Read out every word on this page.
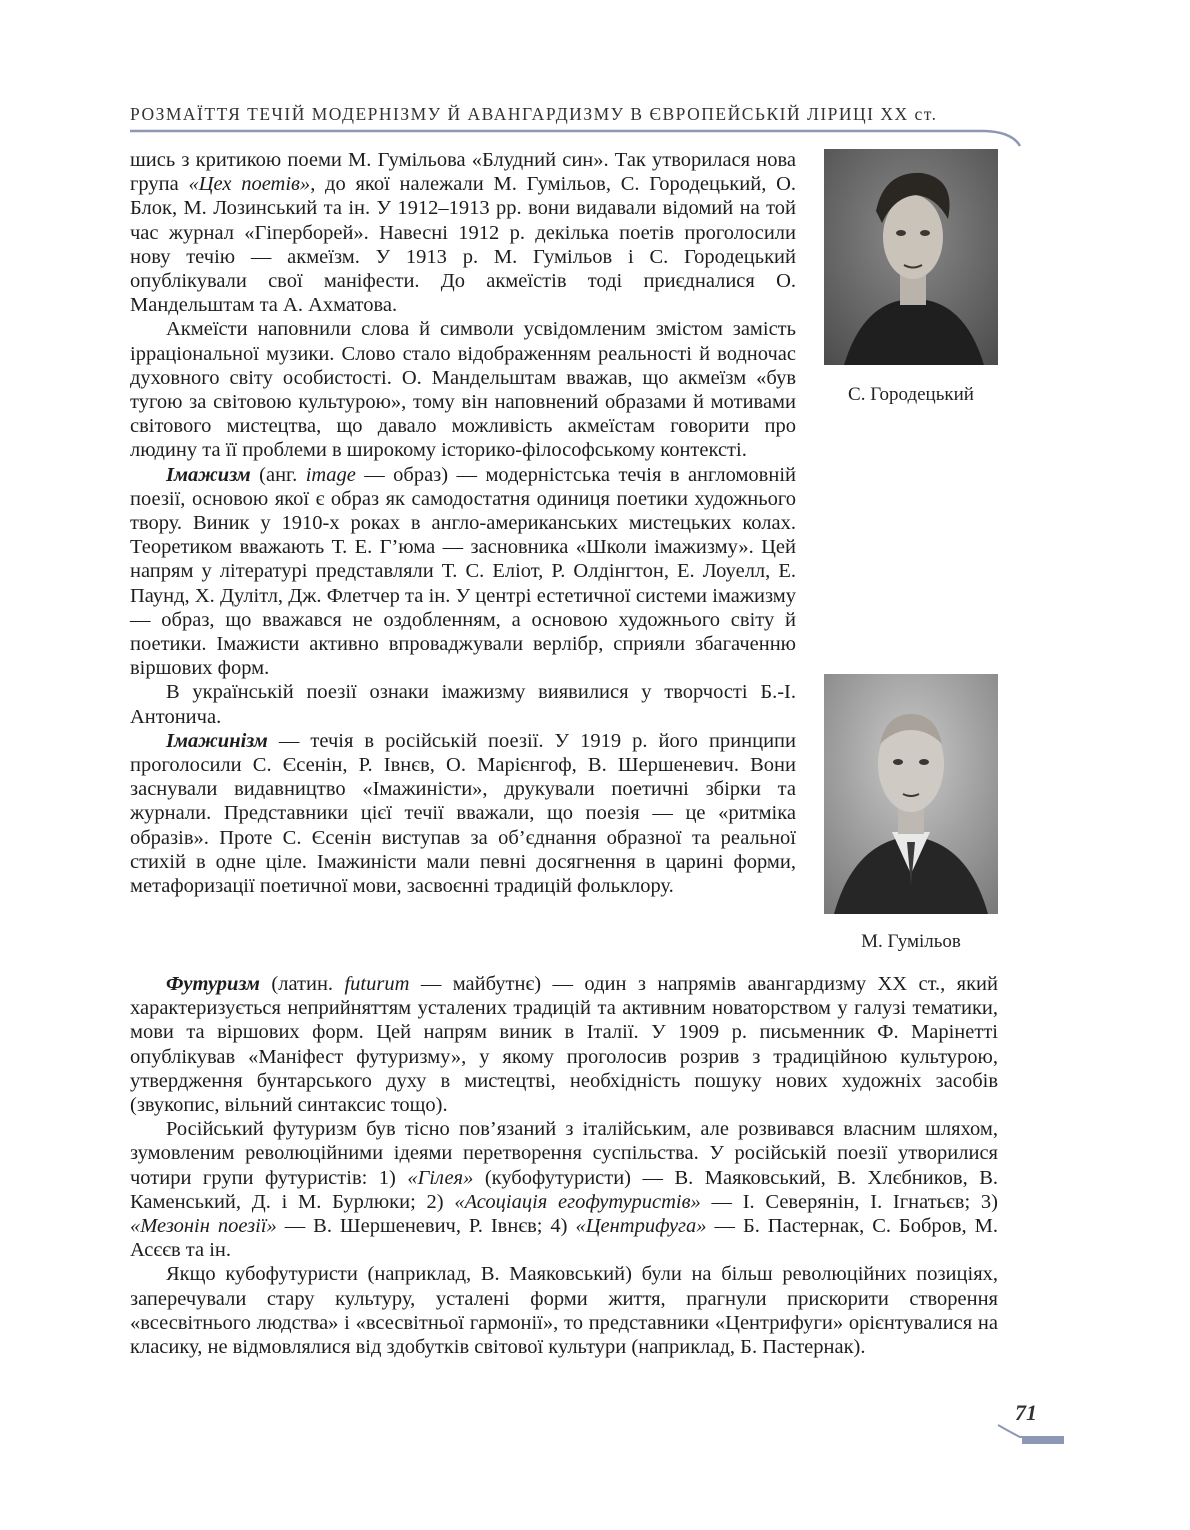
РОЗМАЇТТЯ ТЕЧІЙ МОДЕРНІЗМУ Й АВАНГАРДИЗМУ В ЄВРОПЕЙСЬКІЙ ЛІРИЦІ XX ст.

шись з критикою поеми М. Гумільова «Блудний син». Так утворилася нова група «Цех поетів», до якої належали М. Гумільов, С. Городецький, О. Блок, М. Лозинський та ін. У 1912–1913 рр. вони видавали відомий на той час журнал «Гіперборей». Навесні 1912 р. декілька поетів проголосили нову течію — акмеїзм. У 1913 р. М. Гумільов і С. Городецький опублікували свої маніфести. До акмеїстів тоді приєдналися О. Мандельштам та А. Ахматова.

Акмеїсти наповнили слова й символи усвідомленим змістом замість ірраціональної музики. Слово стало відображенням реальності й водночас духовного світу особистості. О. Мандельштам вважав, що акмеїзм «був тугою за світовою культурою», тому він наповнений образами й мотивами світового мистецтва, що давало можливість акмеїстам говорити про людину та її проблеми в широкому історико-філософському контексті.

Імажизм (анг. image — образ) — модерністська течія в англомовній поезії, основою якої є образ як самодостатня одиниця поетики художнього твору. Виник у 1910-х роках в англо-американських мистецьких колах. Теоретиком вважають Т. Е. Г’юма — засновника «Школи імажизму». Цей напрям у літературі представляли Т. С. Еліот, Р. Олдінгтон, Е. Лоуелл, Е. Паунд, Х. Дулітл, Дж. Флетчер та ін. У центрі естетичної системи імажизму — образ, що вважався не оздобленням, а основою художнього світу й поетики. Імажисти активно впроваджували верлібр, сприяли збагаченню віршових форм.

В українській поезії ознаки імажизму виявилися у творчості Б.-І. Антонича.

Імажинізм — течія в російській поезії. У 1919 р. його принципи проголосили С. Єсенін, Р. Івнєв, О. Марієнгоф, В. Шершеневич. Вони заснували видавництво «Імажиністи», друкували поетичні збірки та журнали. Представники цієї течії вважали, що поезія — це «ритміка образів». Проте С. Єсенін виступав за об’єднання образної та реальної стихій в одне ціле. Імажиністи мали певні досягнення в царині форми, метафоризації поетичної мови, засвоєнні традицій фольклору.

Футуризм (латин. futurum — майбутнє) — один з напрямів авангардизму XX ст., який характеризується неприйняттям усталених традицій та активним новаторством у галузі тематики, мови та віршових форм. Цей напрям виник в Італії. У 1909 р. письменник Ф. Марінетті опублікував «Маніфест футуризму», у якому проголосив розрив з традиційною культурою, утвердження бунтарського духу в мистецтві, необхідність пошуку нових художніх засобів (звукопис, вільний синтаксис тощо).

Російський футуризм був тісно пов’язаний з італійським, але розвивався власним шляхом, зумовленим революційними ідеями перетворення суспільства. У російській поезії утворилися чотири групи футуристів: 1) «Гілея» (кубофутуристи) — В. Маяковський, В. Хлєбников, В. Каменський, Д. і М. Бурлюки; 2) «Асоціація егофутуристів» — І. Северянін, І. Ігнатьєв; 3) «Мезонін поезії» — В. Шершеневич, Р. Івнєв; 4) «Центрифуга» — Б. Пастернак, С. Бобров, М. Асєєв та ін.

Якщо кубофутуристи (наприклад, В. Маяковський) були на більш революційних позиціях, заперечували стару культуру, усталені форми життя, прагнули прискорити створення «всесвітнього людства» і «всесвітньої гармонії», то представники «Центрифуги» орієнтувалися на класику, не відмовлялися від здобутків світової культури (наприклад, Б. Пастернак).

С. Городецький
М. Гумільов
71
